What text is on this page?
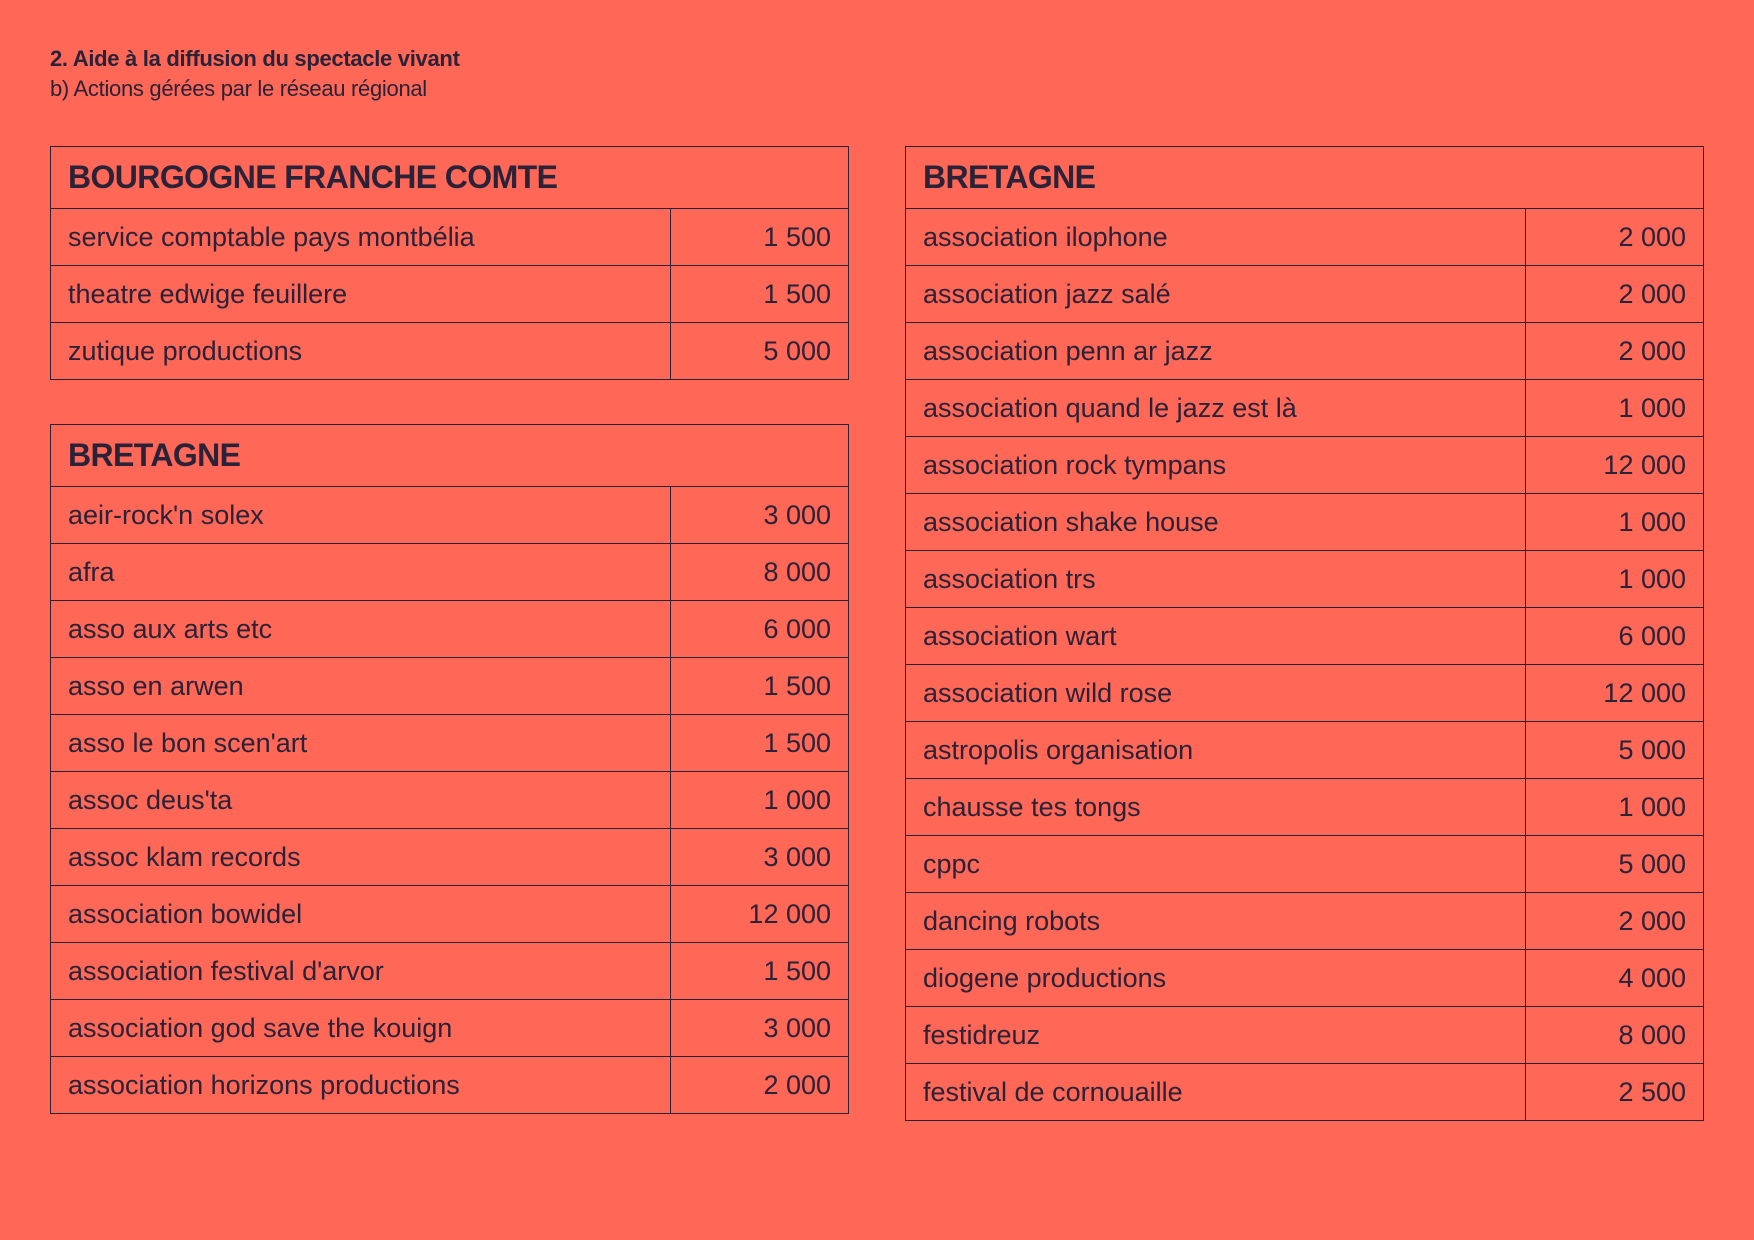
2. Aide à la diffusion du spectacle vivant
b) Actions gérées par le réseau régional
BOURGOGNE FRANCHE COMTE	
service comptable pays montbélia	1 500
theatre edwige feuillere	1 500
zutique productions	5 000
BRETAGNE	
aeir-rock'n solex	3 000
afra	8 000
asso aux arts etc	6 000
asso en arwen	1 500
asso le bon scen'art	1 500
assoc deus'ta	1 000
assoc klam records	3 000
association bowidel	12 000
association festival d'arvor	1 500
association god save the kouign	3 000
association horizons productions	2 000
BRETAGNE	
association ilophone	2 000
association jazz salé	2 000
association penn ar jazz	2 000
association quand le jazz est là	1 000
association rock tympans	12 000
association shake house	1 000
association trs	1 000
association wart	6 000
association wild rose	12 000
astropolis organisation	5 000
chausse tes tongs	1 000
cppc	5 000
dancing robots	2 000
diogene productions	4 000
festidreuz	8 000
festival de cornouaille	2 500
